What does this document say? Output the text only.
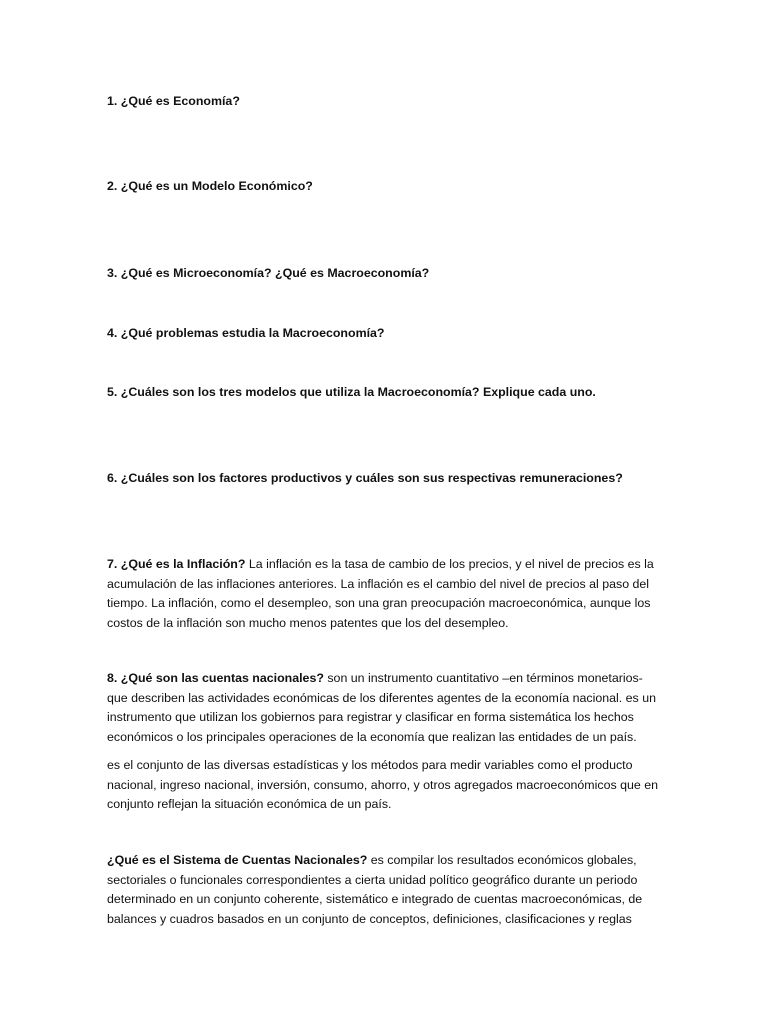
1. ¿Qué es Economía?
2. ¿Qué es un Modelo Económico?
3. ¿Qué es Microeconomía? ¿Qué es Macroeconomía?
4. ¿Qué problemas estudia la Macroeconomía?
5. ¿Cuáles son los tres modelos que utiliza la Macroeconomía? Explique cada uno.
6. ¿Cuáles son los factores productivos y cuáles son sus respectivas remuneraciones?

7. ¿Qué es la Inflación? La inflación es la tasa de cambio de los precios, y el nivel de precios es la acumulación de las inflaciones anteriores. La inflación es el cambio del nivel de precios al paso del tiempo. La inflación, como el desempleo, son una gran preocupación macroeconómica, aunque los costos de la inflación son mucho menos patentes que los del desempleo.

8. ¿Qué son las cuentas nacionales? son un instrumento cuantitativo –en términos monetarios- que describen las actividades económicas de los diferentes agentes de la economía nacional. es un instrumento que utilizan los gobiernos para registrar y clasificar en forma sistemática los hechos económicos o los principales operaciones de la economía que realizan las entidades de un país.

es el conjunto de las diversas estadísticas y los métodos para medir variables como el producto nacional, ingreso nacional, inversión, consumo, ahorro, y otros agregados macroeconómicos que en conjunto reflejan la situación económica de un país.

¿Qué es el Sistema de Cuentas Nacionales? es compilar los resultados económicos globales, sectoriales o funcionales correspondientes a cierta unidad político geográfico durante un periodo determinado en un conjunto coherente, sistemático e integrado de cuentas macroeconómicas, de balances y cuadros basados en un conjunto de conceptos, definiciones, clasificaciones y reglas
